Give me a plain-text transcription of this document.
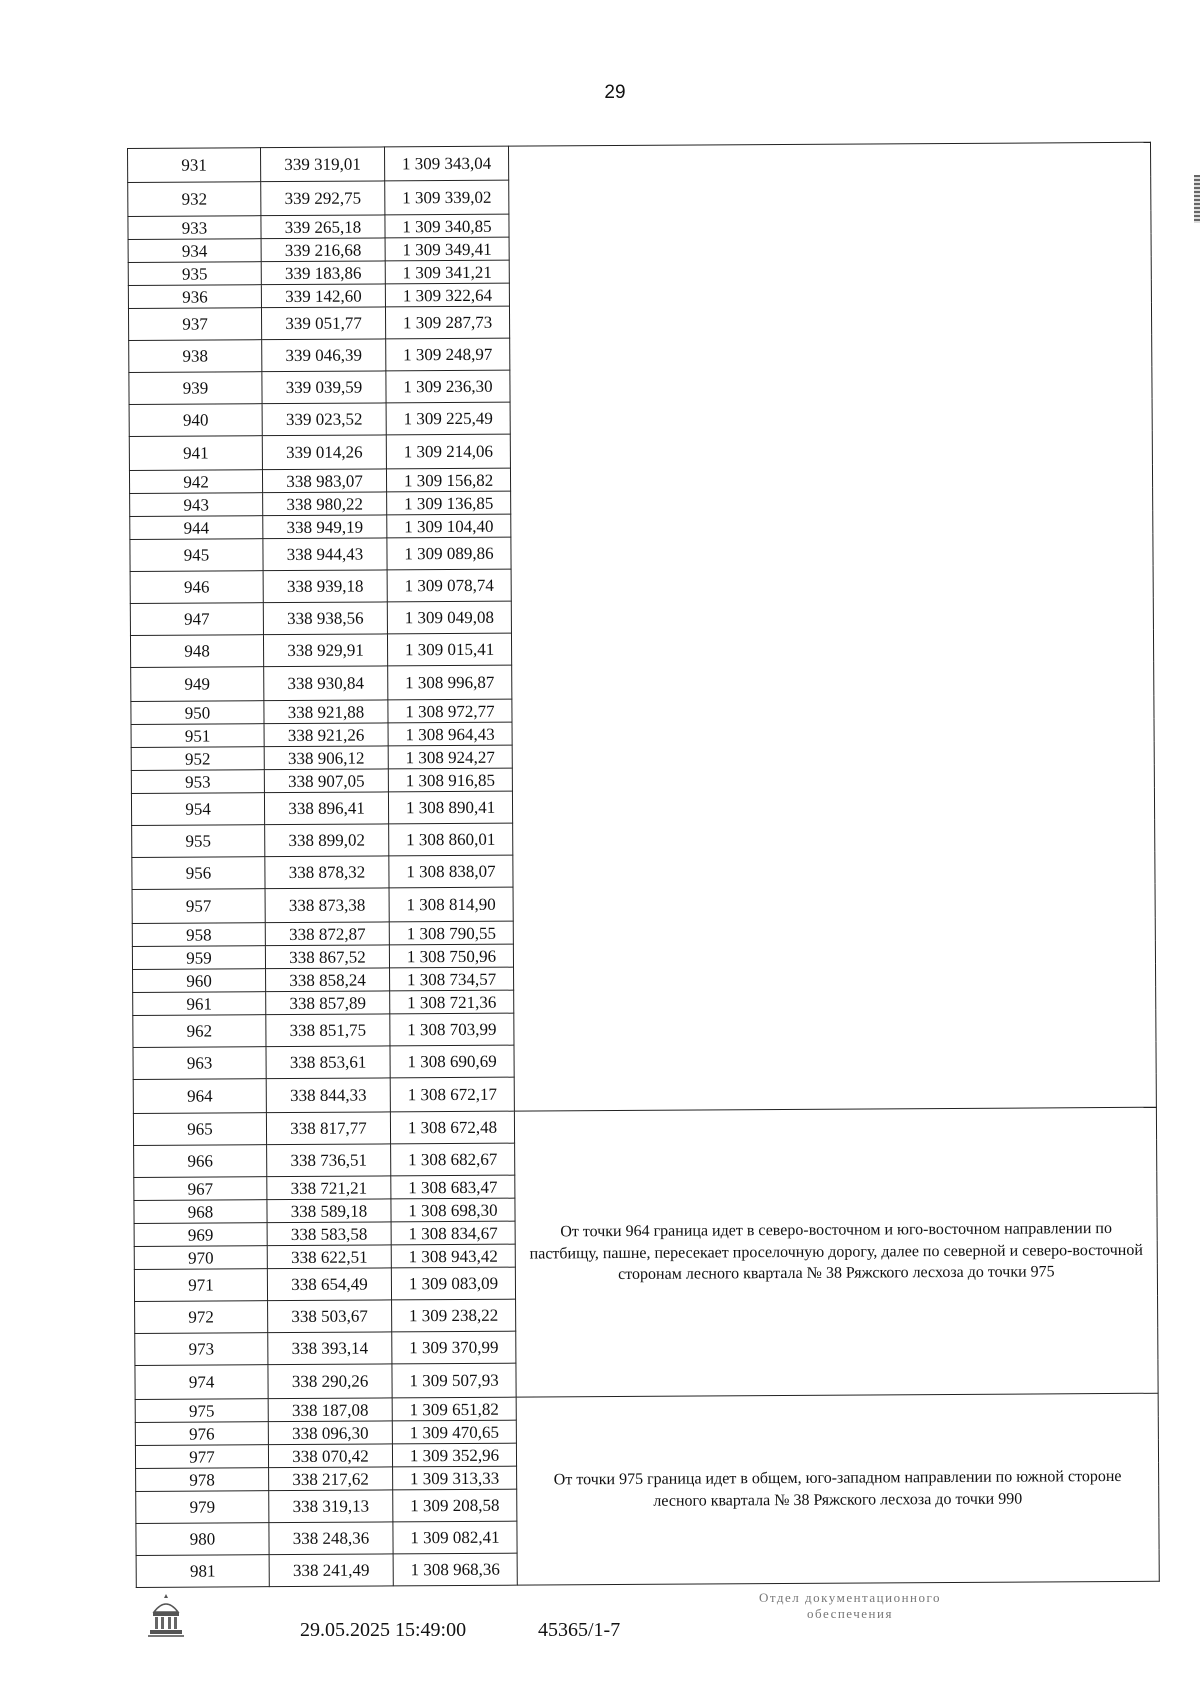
29
931	339 319,01	1 309 343,04	
932	339 292,75	1 309 339,02	
933	339 265,18	1 309 340,85	
934	339 216,68	1 309 349,41	
935	339 183,86	1 309 341,21	
936	339 142,60	1 309 322,64	
937	339 051,77	1 309 287,73	
938	339 046,39	1 309 248,97	
939	339 039,59	1 309 236,30	
940	339 023,52	1 309 225,49	
941	339 014,26	1 309 214,06	
942	338 983,07	1 309 156,82	
943	338 980,22	1 309 136,85	
944	338 949,19	1 309 104,40	
945	338 944,43	1 309 089,86	
946	338 939,18	1 309 078,74	
947	338 938,56	1 309 049,08	
948	338 929,91	1 309 015,41	
949	338 930,84	1 308 996,87	
950	338 921,88	1 308 972,77	
951	338 921,26	1 308 964,43	
952	338 906,12	1 308 924,27	
953	338 907,05	1 308 916,85	
954	338 896,41	1 308 890,41	
955	338 899,02	1 308 860,01	
956	338 878,32	1 308 838,07	
957	338 873,38	1 308 814,90	
958	338 872,87	1 308 790,55	
959	338 867,52	1 308 750,96	
960	338 858,24	1 308 734,57	
961	338 857,89	1 308 721,36	
962	338 851,75	1 308 703,99	
963	338 853,61	1 308 690,69	
964	338 844,33	1 308 672,17	
965	338 817,77	1 308 672,48	От точки 964 граница идет в северо-восточном и юго-восточном направлении по пастбищу, пашне, пересекает проселочную дорогу, далее по северной и северо-восточной сторонам лесного квартала № 38 Ряжского лесхоза до точки 975
966	338 736,51	1 308 682,67	
967	338 721,21	1 308 683,47	
968	338 589,18	1 308 698,30	
969	338 583,58	1 308 834,67	
970	338 622,51	1 308 943,42	
971	338 654,49	1 309 083,09	
972	338 503,67	1 309 238,22	
973	338 393,14	1 309 370,99	
974	338 290,26	1 309 507,93	
975	338 187,08	1 309 651,82	От точки 975 граница идет в общем, юго-западном направлении по южной стороне лесного квартала № 38 Ряжского лесхоза до точки 990
976	338 096,30	1 309 470,65	
977	338 070,42	1 309 352,96	
978	338 217,62	1 309 313,33	
979	338 319,13	1 309 208,58	
980	338 248,36	1 309 082,41	
981	338 241,49	1 308 968,36	
29.05.2025 15:49:00	45365/1-7
Отдел документационного
обеспечения
